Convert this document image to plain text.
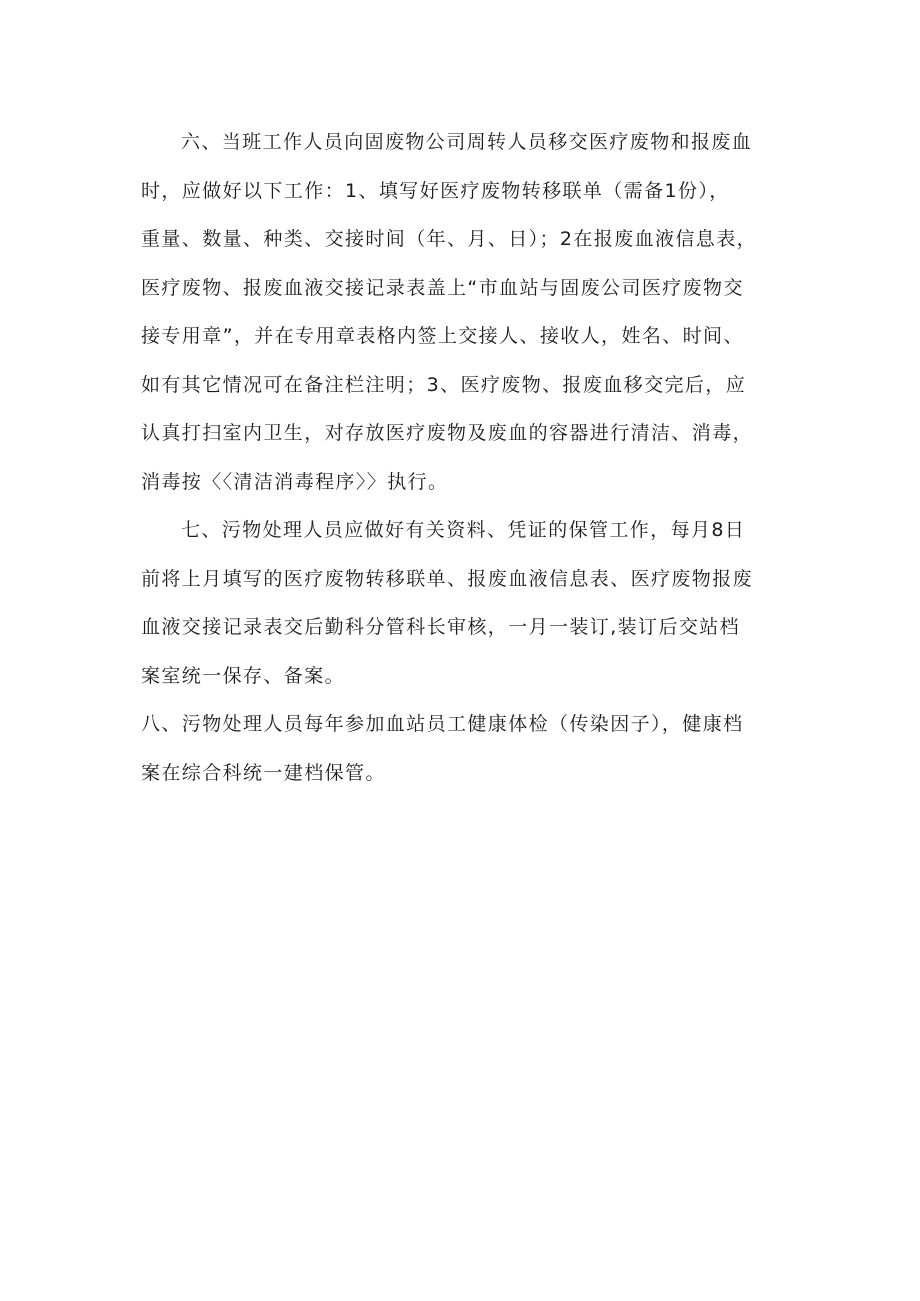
六、当班工作人员向固废物公司周转人员移交医疗废物和报废血
时，应做好以下工作：1、填写好医疗废物转移联单（需备1份），
重量、数量、种类、交接时间（年、月、日）；2在报废血液信息表，
医疗废物、报废血液交接记录表盖上“市血站与固废公司医疗废物交
接专用章”，并在专用章表格内签上交接人、接收人，姓名、时间、
如有其它情况可在备注栏注明；3、医疗废物、报废血移交完后，应
认真打扫室内卫生，对存放医疗废物及废血的容器进行清洁、消毒，
消毒按〈〈清洁消毒程序〉〉执行。
七、污物处理人员应做好有关资料、凭证的保管工作，每月8日
前将上月填写的医疗废物转移联单、报废血液信息表、医疗废物报废
血液交接记录表交后勤科分管科长审核，一月一装订,装订后交站档
案室统一保存、备案。
八、污物处理人员每年参加血站员工健康体检（传染因子），健康档
案在综合科统一建档保管。
